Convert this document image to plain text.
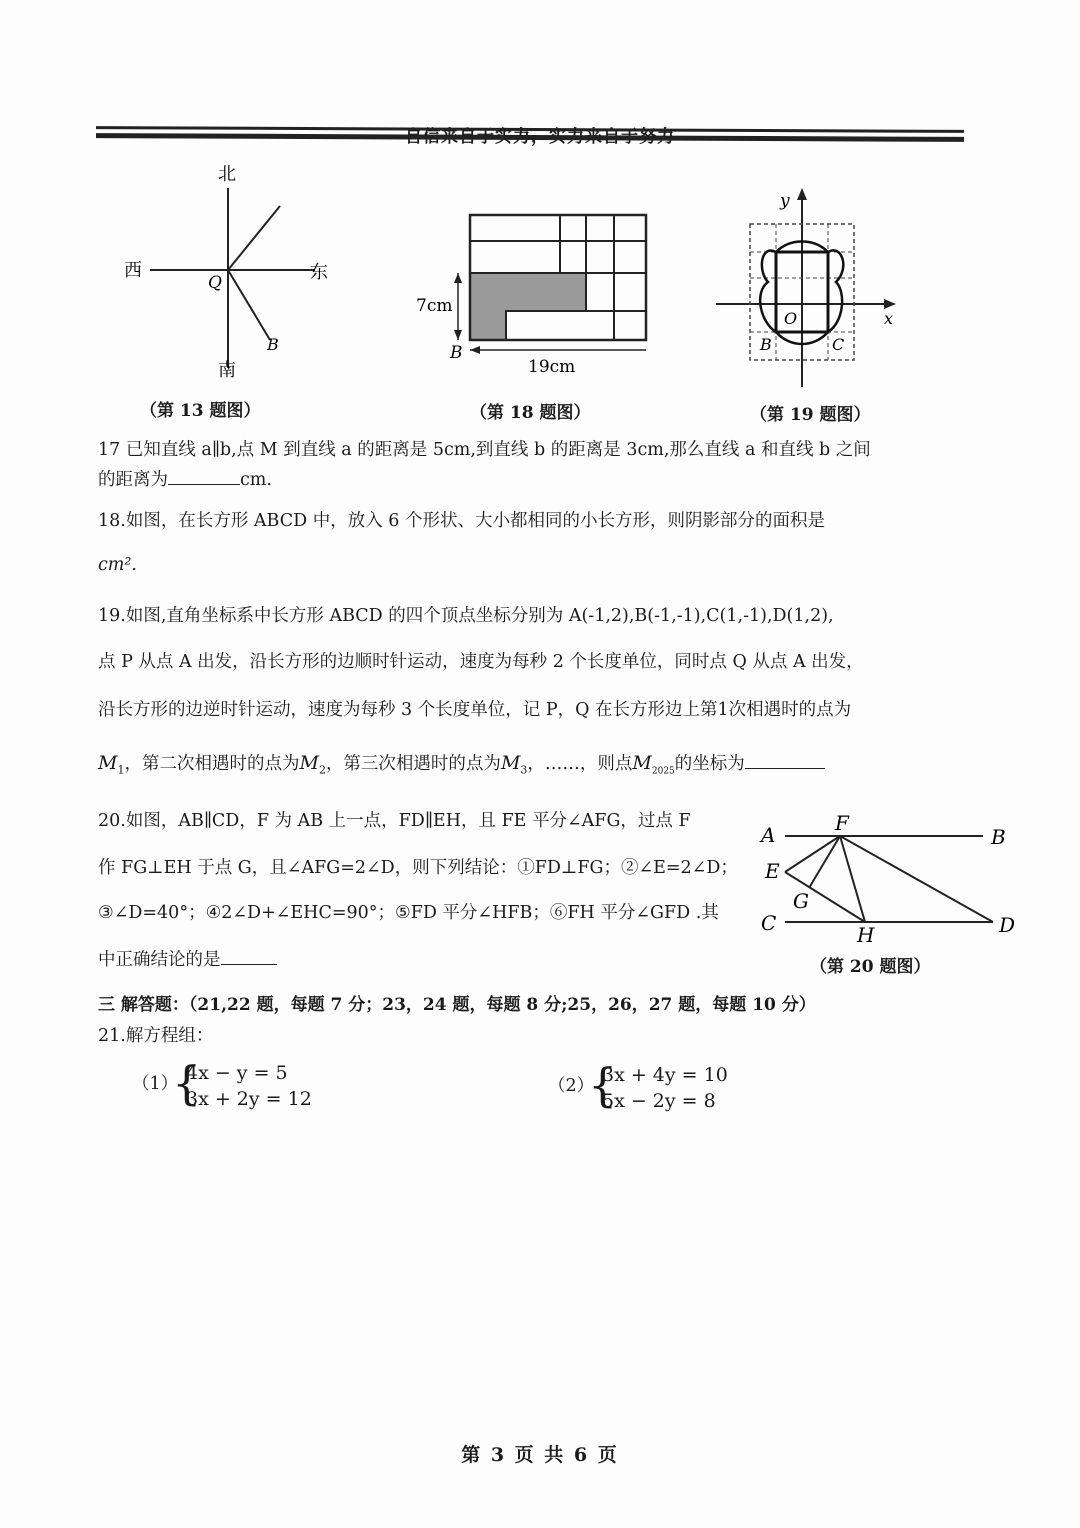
北
南
西	东
Q
B
（第 13 题图）
7cm
B
19cm
（第 18 题图）
y
x
O
B	C
（第 19 题图）
17 已知直线 a∥b,点 M 到直线 a 的距离是 5cm,到直线 b 的距离是 3cm,那么直线 a 和直线 b 之间
的距离为	cm.
18.如图，在长方形 ABCD 中，放入 6 个形状、大小都相同的小长方形，则阴影部分的面积是
cm².
19.如图,直角坐标系中长方形 ABCD 的四个顶点坐标分别为 A(-1,2),B(-1,-1),C(1,-1),D(1,2),
点 P 从点 A 出发，沿长方形的边顺时针运动，速度为每秒 2 个长度单位，同时点 Q 从点 A 出发，
沿长方形的边逆时针运动，速度为每秒 3 个长度单位，记 P，Q 在长方形边上第1次相遇时的点为
$M_1$，第二次相遇时的点为$M_2$，第三次相遇时的点为$M_3$，……，则点$M_{2025}$的坐标为
20.如图，AB∥CD，F 为 AB 上一点，FD∥EH，且 FE 平分∠AFG，过点 F
作 FG⊥EH 于点 G，且∠AFG=2∠D，则下列结论：①FD⊥FG；②∠E=2∠D；
③∠D=40°；④2∠D+∠EHC=90°；⑤FD 平分∠HFB；⑥FH 平分∠GFD .其
中正确结论的是
A	B
F
E
G
C	H	D
（第 20 题图）
三 解答题：（21,22 题，每题 7 分；23，24 题，每题 8 分;25，26，27 题，每题 10 分）
21.解方程组：
（1）
{
4x − y = 5
3x + 2y = 12
（2）
{
3x + 4y = 10
5x − 2y = 8
第 3 页 共 6 页
